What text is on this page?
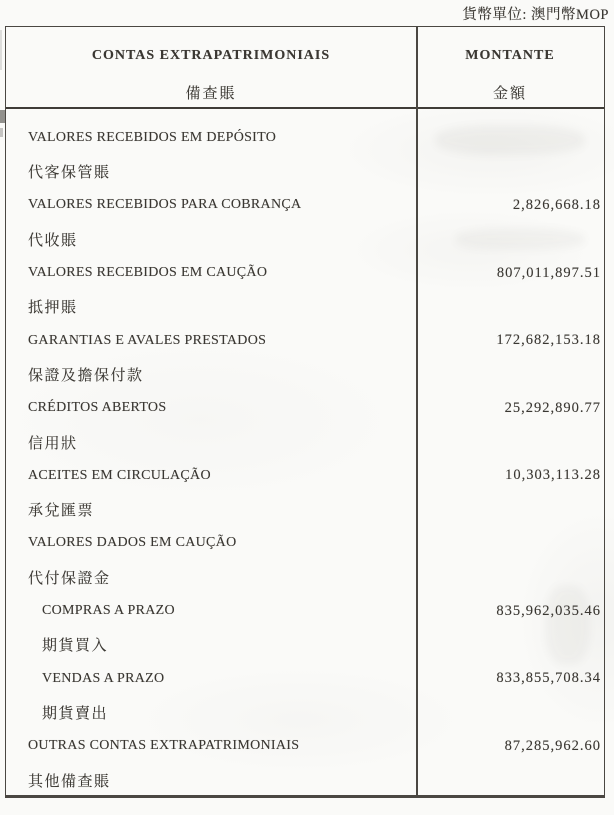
貨幣單位: 澳門幣MOP
CONTAS EXTRAPATRIMONIAIS
備查賬
MONTANTE
金額
VALORES RECEBIDOS EM DEPÓSITO
代客保管賬
VALORES RECEBIDOS PARA COBRANÇA	2,826,668.18
代收賬
VALORES RECEBIDOS EM CAUÇÃO	807,011,897.51
抵押賬
GARANTIAS E AVALES PRESTADOS	172,682,153.18
保證及擔保付款
CRÉDITOS ABERTOS	25,292,890.77
信用狀
ACEITES EM CIRCULAÇÃO	10,303,113.28
承兌匯票
VALORES DADOS EM CAUÇÃO
代付保證金
COMPRAS A PRAZO	835,962,035.46
期貨買入
VENDAS A PRAZO	833,855,708.34
期貨賣出
OUTRAS CONTAS EXTRAPATRIMONIAIS	87,285,962.60
其他備查賬
